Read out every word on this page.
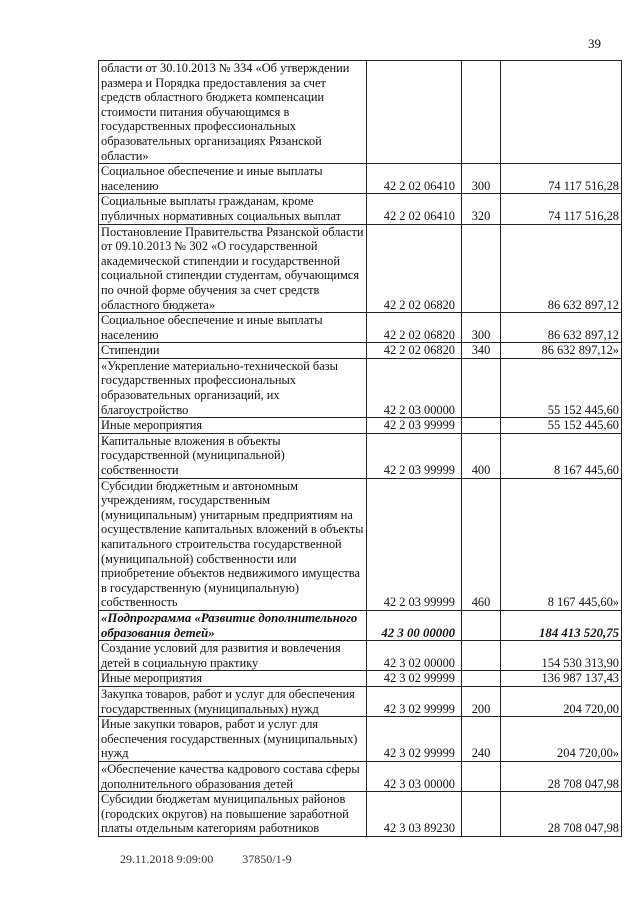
39
области от 30.10.2013 № 334 «Об утверждении размера и Порядка предоставления за счет средств областного бюджета компенсации стоимости питания обучающимся в государственных профессиональных образовательных организациях Рязанской области»			
Социальное обеспечение и иные выплаты населению	42 2 02 06410	300	74 117 516,28
Социальные выплаты гражданам, кроме публичных нормативных социальных выплат	42 2 02 06410	320	74 117 516,28
Постановление Правительства Рязанской области от 09.10.2013 № 302 «О государственной академической стипендии и государственной социальной стипендии студентам, обучающимся по очной форме обучения за счет средств областного бюджета»	42 2 02 06820		86 632 897,12
Социальное обеспечение и иные выплаты населению	42 2 02 06820	300	86 632 897,12
Стипендии	42 2 02 06820	340	86 632 897,12»
«Укрепление материально-технической базы государственных профессиональных образовательных организаций, их благоустройство	42 2 03 00000		55 152 445,60
Иные мероприятия	42 2 03 99999		55 152 445,60
Капитальные вложения в объекты государственной (муниципальной) собственности	42 2 03 99999	400	8 167 445,60
Субсидии бюджетным и автономным учреждениям, государственным (муниципальным) унитарным предприятиям на осуществление капитальных вложений в объекты капитального строительства государственной (муниципальной) собственности или приобретение объектов недвижимого имущества в государственную (муниципальную) собственность	42 2 03 99999	460	8 167 445,60»
«Подпрограмма «Развитие дополнительного образования детей»	42 3 00 00000		184 413 520,75
Создание условий для развития и вовлечения детей в социальную практику	42 3 02 00000		154 530 313,90
Иные мероприятия	42 3 02 99999		136 987 137,43
Закупка товаров, работ и услуг для обеспечения государственных (муниципальных) нужд	42 3 02 99999	200	204 720,00
Иные закупки товаров, работ и услуг для обеспечения государственных (муниципальных) нужд	42 3 02 99999	240	204 720,00»
«Обеспечение качества кадрового состава сферы дополнительного образования детей	42 3 03 00000		28 708 047,98
Субсидии бюджетам муниципальных районов (городских округов) на повышение заработной платы отдельным категориям работников	42 3 03 89230		28 708 047,98
29.11.2018 9:09:00 37850/1-9
